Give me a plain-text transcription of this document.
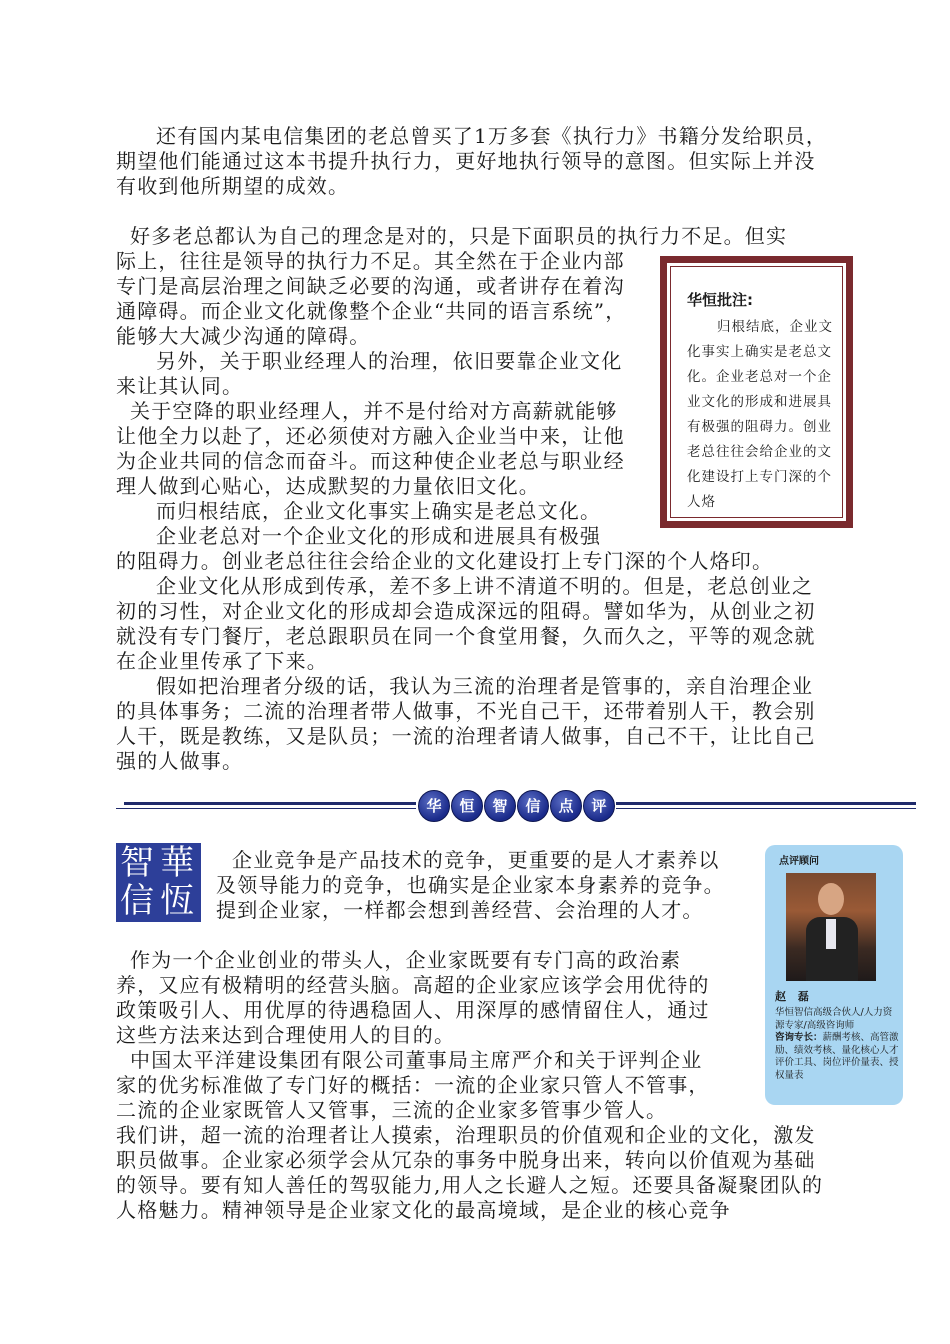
还有国内某电信集团的老总曾买了1万多套《执行力》书籍分发给职员，期望他们能通过这本书提升执行力，更好地执行领导的意图。但实际上并没有收到他所期望的成效。

好多老总都认为自己的理念是对的，只是下面职员的执行力不足。但实

际上，往往是领导的执行力不足。其全然在于企业内部专门是高层治理之间缺乏必要的沟通，或者讲存在着沟通障碍。而企业文化就像整个企业“共同的语言系统”，能够大大减少沟通的障碍。

另外，关于职业经理人的治理，依旧要靠企业文化来让其认同。

关于空降的职业经理人，并不是付给对方高薪就能够让他全力以赴了，还必须使对方融入企业当中来，让他为企业共同的信念而奋斗。而这种使企业老总与职业经理人做到心贴心，达成默契的力量依旧文化。

而归根结底，企业文化事实上确实是老总文化。

企业老总对一个企业文化的形成和进展具有极强

的阻碍力。创业老总往往会给企业的文化建设打上专门深的个人烙印。

企业文化从形成到传承，差不多上讲不清道不明的。但是，老总创业之初的习性，对企业文化的形成却会造成深远的阻碍。譬如华为，从创业之初就没有专门餐厅，老总跟职员在同一个食堂用餐，久而久之，平等的观念就在企业里传承了下来。

假如把治理者分级的话，我认为三流的治理者是管事的，亲自治理企业的具体事务；二流的治理者带人做事，不光自己干，还带着别人干，教会别人干，既是教练，又是队员；一流的治理者请人做事，自己不干，让比自己强的人做事。

华恒批注:
归根结底，企业文化事实上确实是老总文化。企业老总对一个企业文化的形成和进展具有极强的阻碍力。创业老总往往会给企业的文化建设打上专门深的个人烙
华	恒	智	信	点	评
華
恆
智
信

企业竞争是产品技术的竞争，更重要的是人才素养以及领导能力的竞争，也确实是企业家本身素养的竞争。提到企业家，一样都会想到善经营、会治理的人才。

作为一个企业创业的带头人，企业家既要有专门高的政治素养，又应有极精明的经营头脑。高超的企业家应该学会用优待的政策吸引人、用优厚的待遇稳固人、用深厚的感情留住人，通过这些方法来达到合理使用人的目的。

中国太平洋建设集团有限公司董事局主席严介和关于评判企业家的优劣标准做了专门好的概括：一流的企业家只管人不管事，二流的企业家既管人又管事，三流的企业家多管事少管人。

我们讲，超一流的治理者让人摸索，治理职员的价值观和企业的文化，激发职员做事。企业家必须学会从冗杂的事务中脱身出来，转向以价值观为基础的领导。要有知人善任的驾驭能力,用人之长避人之短。还要具备凝聚团队的人格魅力。精神领导是企业家文化的最高境域，是企业的核心竞争

点评顾问
赵 磊
华恒智信高级合伙人/人力资源专家/高级咨询师
咨询专长：薪酬考核、高管激励、绩效考核、量化核心人才评价工具、岗位评价量表、授权量表
